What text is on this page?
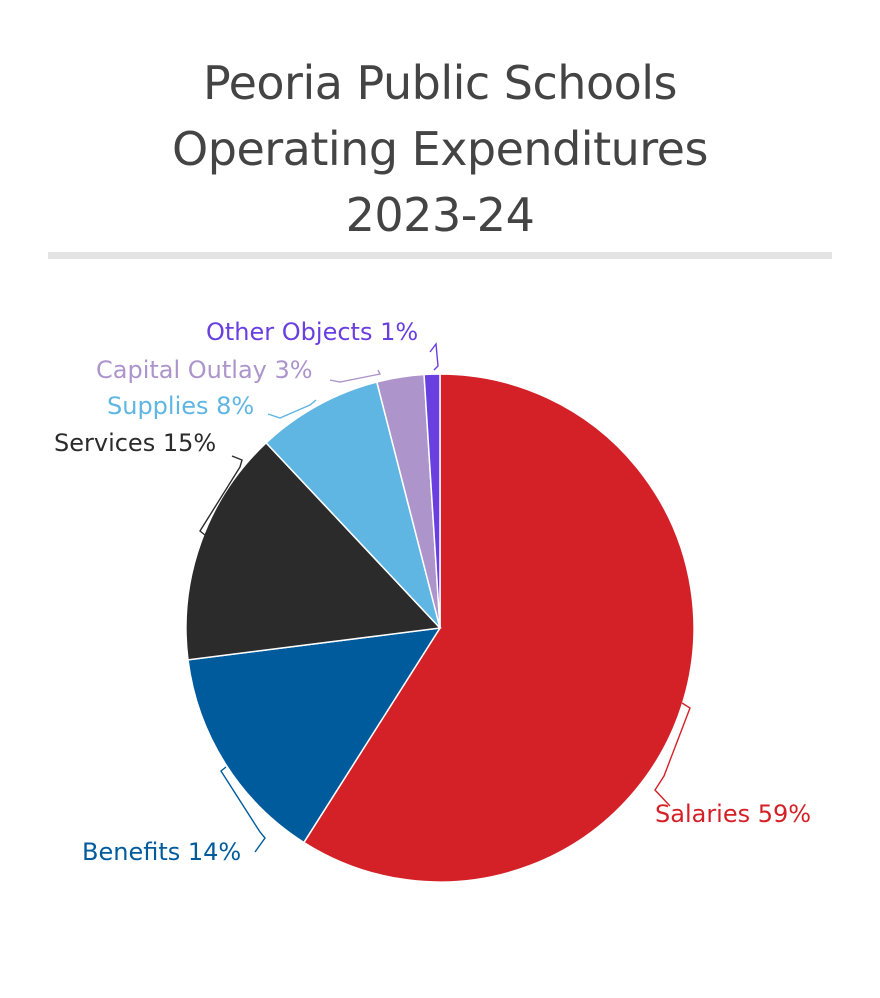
Peoria Public Schools
Operating Expenditures
2023-24
Salaries 59%
Benefits 14%
Services 15%
Supplies 8%
Capital Outlay 3%
Other Objects 1%
